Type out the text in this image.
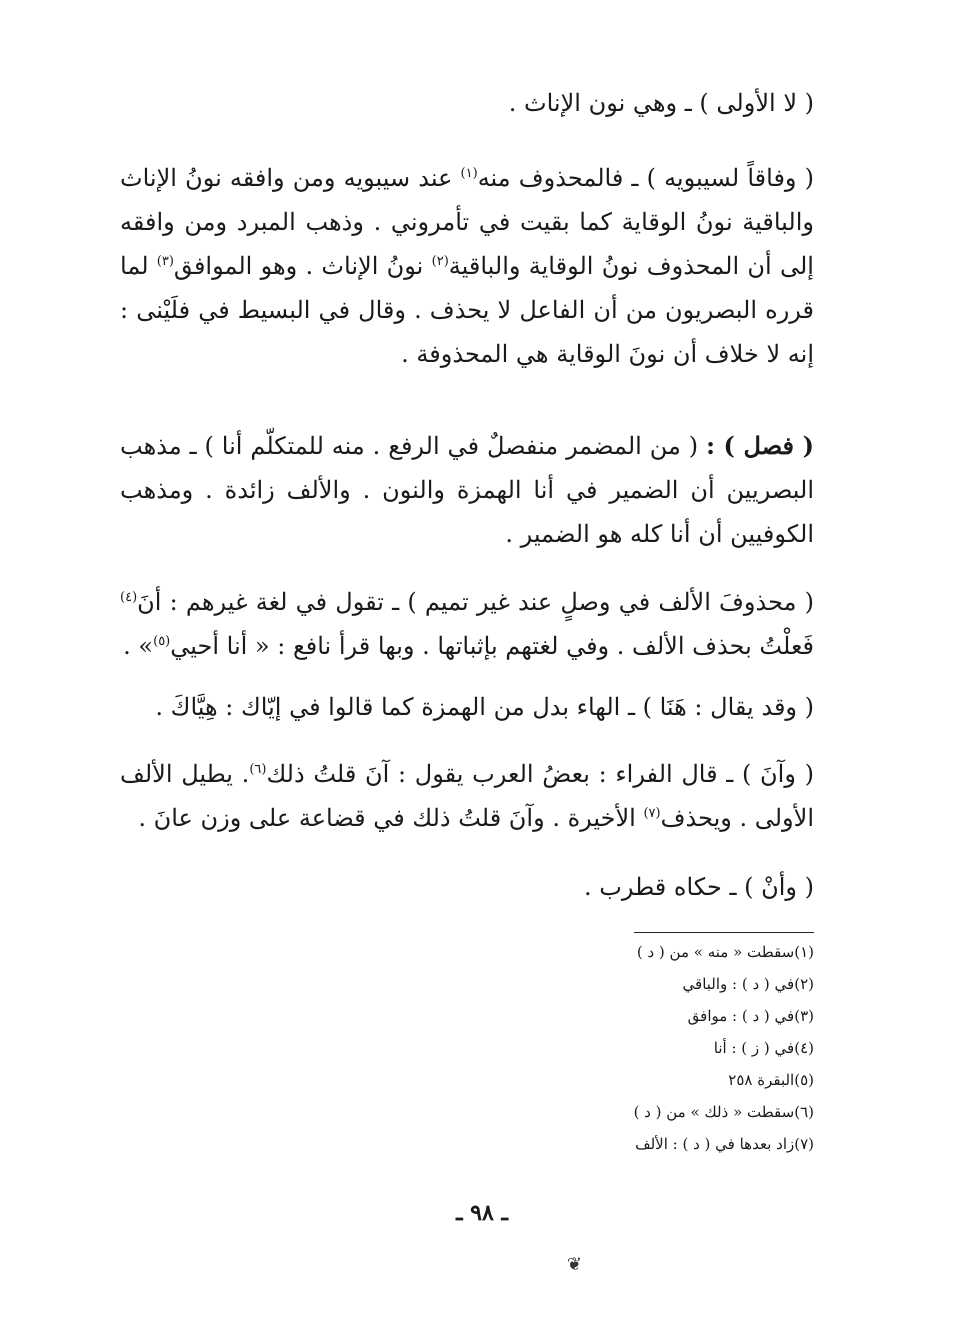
( لا الأولى ) ـ وهي نون الإناث .

( وفاقاً لسيبويه ) ـ فالمحذوف منه$^{(١)}$ عند سيبويه ومن وافقه نونُ الإناث والباقية نونُ الوقاية كما بقيت في تأمروني . وذهب المبرد ومن وافقه إلى أن المحذوف نونُ الوقاية والباقية$^{(٢)}$ نونُ الإناث . وهو الموافق$^{(٣)}$ لما قرره البصريون من أن الفاعل لا يحذف . وقال في البسيط في فلَيْنى : إنه لا خلاف أن نونَ الوقاية هي المحذوفة .

( فصل ) : ( من المضمر منفصلٌ في الرفع . منه للمتكلّم أنا ) ـ مذهب البصريين أن الضمير في أنا الهمزة والنون . والألف زائدة . ومذهب الكوفيين أن أنا كله هو الضمير .

( محذوفَ الألف في وصلٍ عند غير تميم ) ـ تقول في لغة غيرهم : أنَ$^{(٤)}$ فَعلْتُ بحذف الألف . وفي لغتهم بإثباتها . وبها قرأ نافع : « أنا أحيي$^{(٥)}$» .

( وقد يقال : هَنَا ) ـ الهاء بدل من الهمزة كما قالوا في إيّاك : هِيَّاكَ .

( وآنَ ) ـ قال الفراء : بعضُ العرب يقول : آنَ قلتُ ذلك$^{(٦)}$. يطيل الألف الأولى . ويحذف$^{(٧)}$ الأخيرة . وآنَ قلتُ ذلك في قضاعة على وزن عانَ .

( وأنْ ) ـ حكاه قطرب .
(١)سقطت « منه » من ( د )
(٢)في ( د ) : والباقي
(٣)في ( د ) : موافق
(٤)في ( ز ) : أنا
(٥)البقرة ٢٥٨
(٦)سقطت « ذلك » من ( د )
(٧)زاد بعدها في ( د ) : الألف
ـ ٩٨ ـ
❦
